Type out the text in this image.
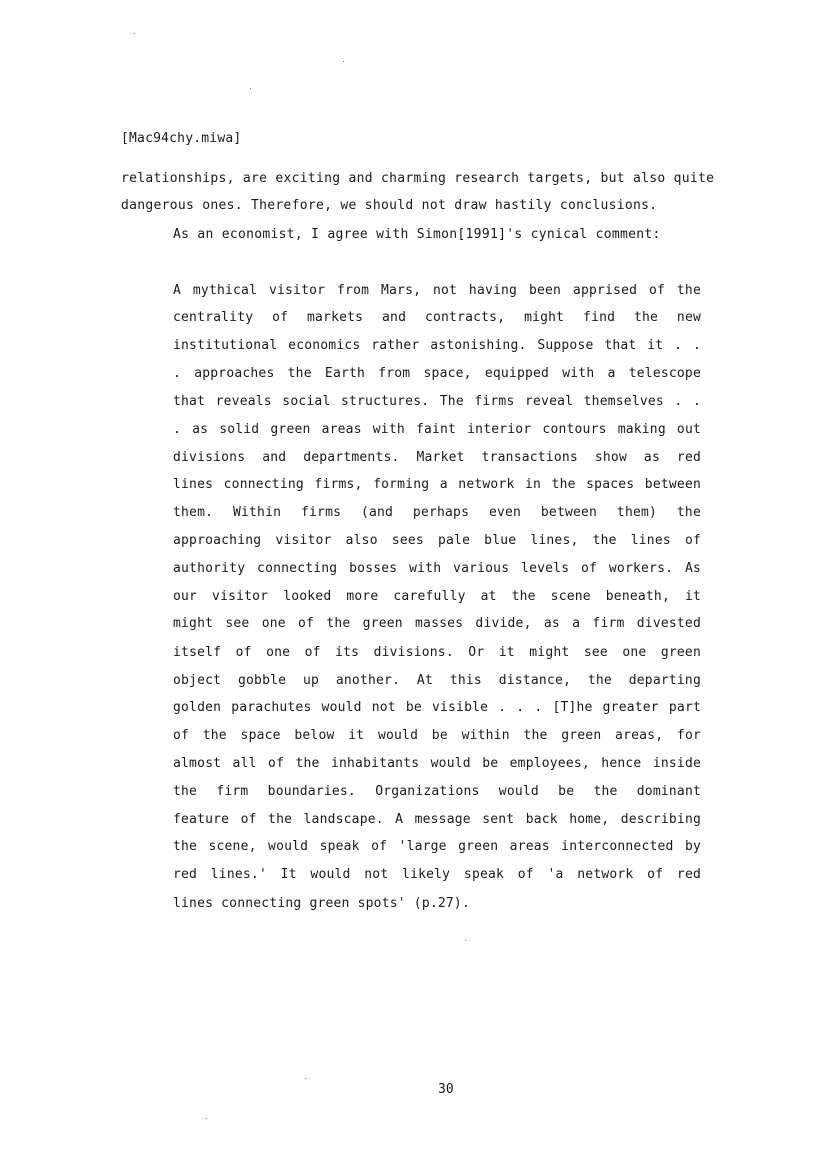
[Mac94chy.miwa]
relationships, are exciting and charming research targets, but also quite
dangerous ones. Therefore, we should not draw hastily conclusions.
As an economist, I agree with Simon[1991]'s cynical comment:
A mythical visitor from Mars, not having been apprised of the
centrality of markets and contracts, might find the new
institutional economics rather astonishing. Suppose that it . .
. approaches the Earth from space, equipped with a telescope
that reveals social structures. The firms reveal themselves . .
. as solid green areas with faint interior contours making out
divisions and departments. Market transactions show as red
lines connecting firms, forming a network in the spaces between
them. Within firms (and perhaps even between them) the
approaching visitor also sees pale blue lines, the lines of
authority connecting bosses with various levels of workers. As
our visitor looked more carefully at the scene beneath, it
might see one of the green masses divide, as a firm divested
itself of one of its divisions. Or it might see one green
object gobble up another. At this distance, the departing
golden parachutes would not be visible . . . [T]he greater part
of the space below it would be within the green areas, for
almost all of the inhabitants would be employees, hence inside
the firm boundaries. Organizations would be the dominant
feature of the landscape. A message sent back home, describing
the scene, would speak of 'large green areas interconnected by
red lines.' It would not likely speak of 'a network of red
lines connecting green spots' (p.27).
30
